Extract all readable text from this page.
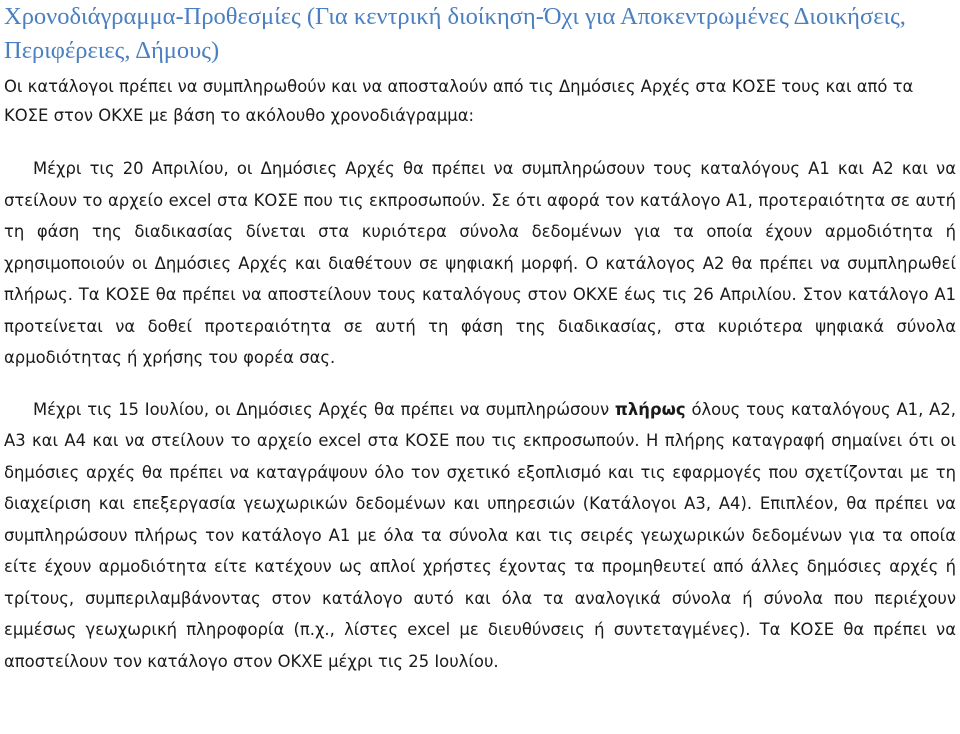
Χρονοδιάγραμμα-Προθεσμίες (Για κεντρική διοίκηση-Όχι για Αποκεντρωμένες Διοικήσεις, Περιφέρειες, Δήμους)

Οι κατάλογοι πρέπει να συμπληρωθούν και να αποσταλούν από τις Δημόσιες Αρχές στα ΚΟΣΕ τους και από τα ΚΟΣΕ στον ΟΚΧΕ με βάση το ακόλουθο χρονοδιάγραμμα:

Μέχρι τις 20 Απριλίου, οι Δημόσιες Αρχές θα πρέπει να συμπληρώσουν τους καταλόγους Α1 και Α2 και να στείλουν το αρχείο excel στα ΚΟΣΕ που τις εκπροσωπούν. Σε ότι αφορά τον κατάλογο Α1, προτεραιότητα σε αυτή τη φάση της διαδικασίας δίνεται στα κυριότερα σύνολα δεδομένων για τα οποία έχουν αρμοδιότητα ή χρησιμοποιούν οι Δημόσιες Αρχές και διαθέτουν σε ψηφιακή μορφή. Ο κατάλογος Α2 θα πρέπει να συμπληρωθεί πλήρως. Τα ΚΟΣΕ θα πρέπει να αποστείλουν τους καταλόγους στον ΟΚΧΕ έως τις 26 Απριλίου. Στον κατάλογο Α1 προτείνεται να δοθεί προτεραιότητα σε αυτή τη φάση της διαδικασίας, στα κυριότερα ψηφιακά σύνολα αρμοδιότητας ή χρήσης του φορέα σας.

Μέχρι τις 15 Ιουλίου, οι Δημόσιες Αρχές θα πρέπει να συμπληρώσουν πλήρως όλους τους καταλόγους Α1, Α2, Α3 και Α4 και να στείλουν το αρχείο excel στα ΚΟΣΕ που τις εκπροσωπούν. Η πλήρης καταγραφή σημαίνει ότι οι δημόσιες αρχές θα πρέπει να καταγράψουν όλο τον σχετικό εξοπλισμό και τις εφαρμογές που σχετίζονται με τη διαχείριση και επεξεργασία γεωχωρικών δεδομένων και υπηρεσιών (Κατάλογοι Α3, Α4). Επιπλέον, θα πρέπει να συμπληρώσουν πλήρως τον κατάλογο Α1 με όλα τα σύνολα και τις σειρές γεωχωρικών δεδομένων για τα οποία είτε έχουν αρμοδιότητα είτε κατέχουν ως απλοί χρήστες έχοντας τα προμηθευτεί από άλλες δημόσιες αρχές ή τρίτους, συμπεριλαμβάνοντας στον κατάλογο αυτό και όλα τα αναλογικά σύνολα ή σύνολα που περιέχουν εμμέσως γεωχωρική πληροφορία (π.χ., λίστες excel με διευθύνσεις ή συντεταγμένες). Τα ΚΟΣΕ θα πρέπει να αποστείλουν τον κατάλογο στον ΟΚΧΕ μέχρι τις 25 Ιουλίου.
